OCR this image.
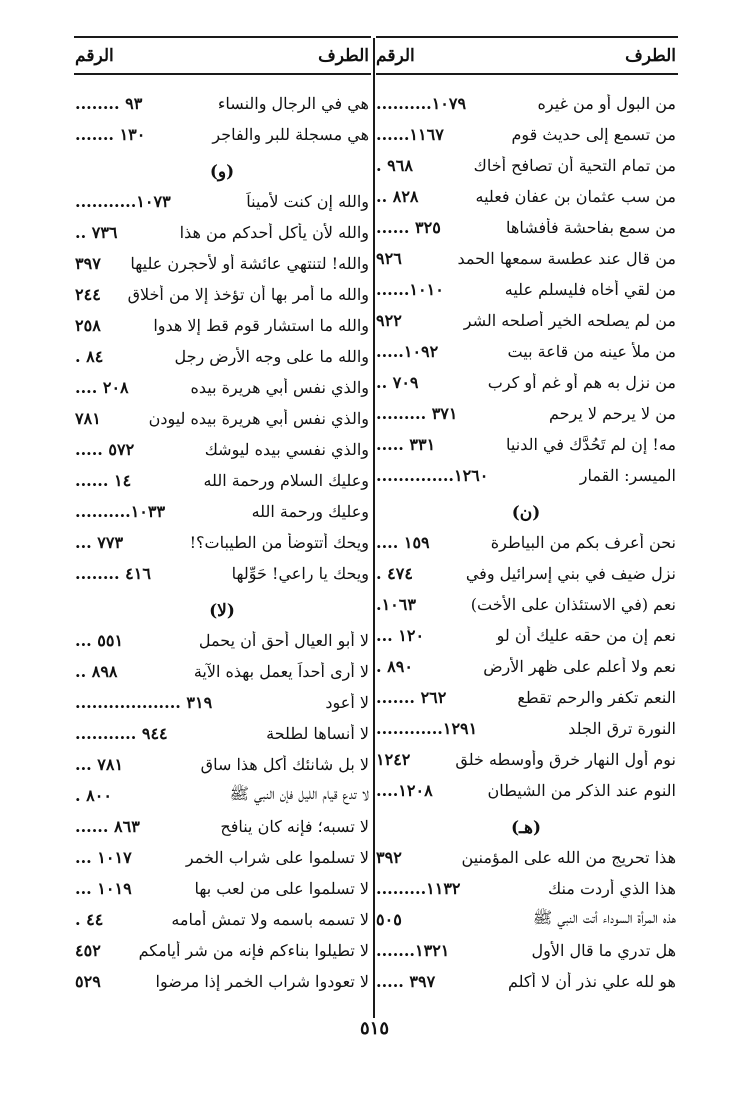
الطرف
الرقم
من البول أو من غيره
١٠٧٩..........
من تسمع إلى حديث قوم
١١٦٧......
من تمام التحية أن تصافح أخاك
٩٦٨ .
من سب عثمان بن عفان فعليه
٨٢٨ ..
من سمع بفاحشة فأفشاها
٣٢٥ ......
من قال عند عطسة سمعها الحمد
٩٢٦
من لقي أخاه فليسلم عليه
١٠١٠......
من لم يصلحه الخير أصلحه الشر
٩٢٢
من ملأ عينه من قاعة بيت
١٠٩٢.....
من نزل به هم أو غم أو كرب
٧٠٩ ..
من لا يرحم لا يرحم
٣٧١ .........
مه! إن لم تَحُدَّك في الدنيا
٣٣١ .....
الميسر: القمار
١٢٦٠..............
(ن)
نحن أعرف بكم من البياطرة
١٥٩ ....
نزل ضيف في بني إسرائيل وفي
٤٧٤ .
نعم (في الاستئذان على الأخت)
١٠٦٣.
نعم إن من حقه عليك أن لو
١٢٠ ...
نعم ولا أعلم على ظهر الأرض
٨٩٠ .
النعم تكفر والرحم تقطع
٢٦٢ .......
النورة ترق الجلد
١٢٩١............
نوم أول النهار خرق وأوسطه خلق
١٢٤٢
النوم عند الذكر من الشيطان
١٢٠٨....
(هـ)
هذا تحريج من الله على المؤمنين
٣٩٢
هذا الذي أردت منك
١١٣٢.........
هذه المرأة السوداء أتت النبي ﷺ
٥٠٥
هل تدري ما قال الأول
١٣٢١.......
هو لله علي نذر أن لا أكلم
٣٩٧ .....
الطرف
الرقم
هي في الرجال والنساء
٩٣ ........
هي مسجلة للبر والفاجر
١٣٠ .......
(و)
والله إن كنت لأميناً
١٠٧٣...........
والله لأن يأكل أحدكم من هذا
٧٣٦ ..
والله! لتنتهي عائشة أو لأحجرن عليها
٣٩٧
والله ما أمر بها أن تؤخذ إلا من أخلاق
٢٤٤
والله ما استشار قوم قط إلا هدوا
٢٥٨
والله ما على وجه الأرض رجل
٨٤ .
والذي نفس أبي هريرة بيده
٢٠٨ ....
والذي نفس أبي هريرة بيده ليودن
٧٨١
والذي نفسي بيده ليوشك
٥٧٢ .....
وعليك السلام ورحمة الله
١٤ ......
وعليك ورحمة الله
١٠٣٣..........
ويحك أتتوضأ من الطيبات؟!
٧٧٣ ...
ويحك يا راعي! حَوِّلها
٤١٦ ........
(لا)
لا أبو العيال أحق أن يحمل
٥٥١ ...
لا أرى أحداً يعمل بهذه الآية
٨٩٨ ..
لا أعود
٣١٩ ...................
لا أنساها لطلحة
٩٤٤ ...........
لا بل شانئك أكل هذا ساق
٧٨١ ...
لا تدع قيام الليل فإن النبي ﷺ
٨٠٠ .
لا تسبه؛ فإنه كان ينافح
٨٦٣ ......
لا تسلموا على شراب الخمر
١٠١٧ ...
لا تسلموا على من لعب بها
١٠١٩ ...
لا تسمه باسمه ولا تمش أمامه
٤٤ .
لا تطيلوا بناءكم فإنه من شر أيامكم
٤٥٢
لا تعودوا شراب الخمر إذا مرضوا
٥٢٩
٥١٥
